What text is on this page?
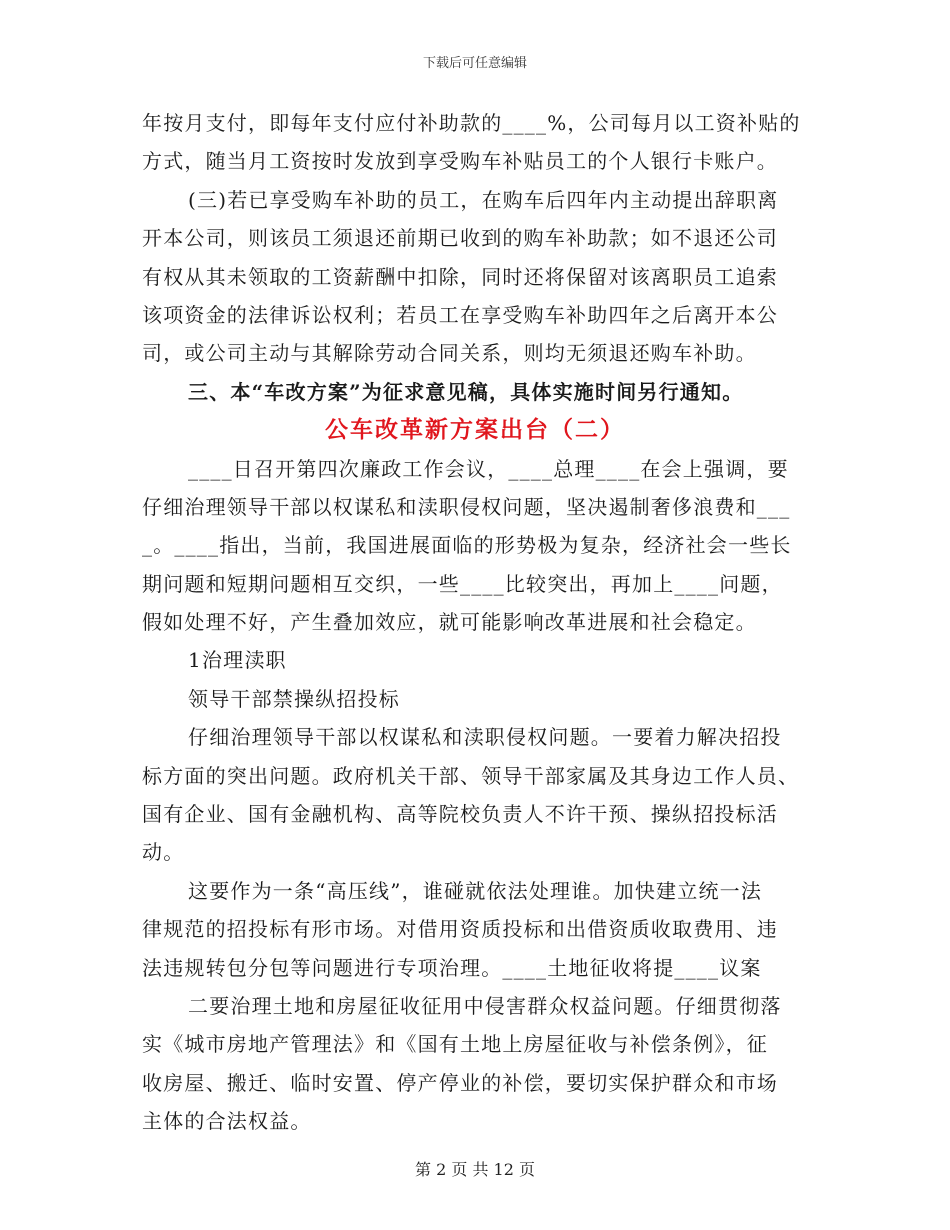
下载后可任意编辑
年按月支付，即每年支付应付补助款的____%，公司每月以工资补贴的
方式，随当月工资按时发放到享受购车补贴员工的个人银行卡账户。
(三)若已享受购车补助的员工，在购车后四年内主动提出辞职离
开本公司，则该员工须退还前期已收到的购车补助款；如不退还公司
有权从其未领取的工资薪酬中扣除，同时还将保留对该离职员工追索
该项资金的法律诉讼权利；若员工在享受购车补助四年之后离开本公
司，或公司主动与其解除劳动合同关系，则均无须退还购车补助。
三、本“车改方案”为征求意见稿，具体实施时间另行通知。
公车改革新方案出台（二）
____日召开第四次廉政工作会议，____总理____在会上强调，要
仔细治理领导干部以权谋私和渎职侵权问题，坚决遏制奢侈浪费和___
_。____指出，当前，我国进展面临的形势极为复杂，经济社会一些长
期问题和短期问题相互交织，一些____比较突出，再加上____问题，
假如处理不好，产生叠加效应，就可能影响改革进展和社会稳定。
1治理渎职
领导干部禁操纵招投标
仔细治理领导干部以权谋私和渎职侵权问题。一要着力解决招投
标方面的突出问题。政府机关干部、领导干部家属及其身边工作人员、
国有企业、国有金融机构、高等院校负责人不许干预、操纵招投标活
动。
这要作为一条“高压线”，谁碰就依法处理谁。加快建立统一法
律规范的招投标有形市场。对借用资质投标和出借资质收取费用、违
法违规转包分包等问题进行专项治理。____土地征收将提____议案
二要治理土地和房屋征收征用中侵害群众权益问题。仔细贯彻落
实《城市房地产管理法》和《国有土地上房屋征收与补偿条例》，征
收房屋、搬迁、临时安置、停产停业的补偿，要切实保护群众和市场
主体的合法权益。
第 2 页 共 12 页
